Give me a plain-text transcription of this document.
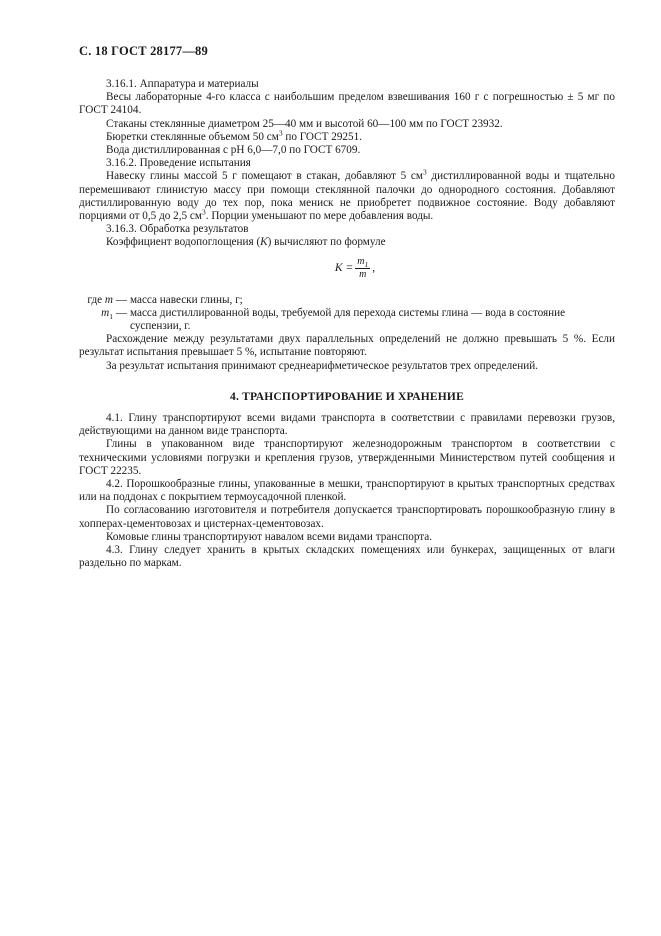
С. 18 ГОСТ 28177—89

3.16.1. Аппаратура и материалы

Весы лабораторные 4-го класса с наибольшим пределом взвешивания 160 г с погрешностью ± 5 мг по ГОСТ 24104.

Стаканы стеклянные диаметром 25—40 мм и высотой 60—100 мм по ГОСТ 23932.

Бюретки стеклянные объемом 50 $см^3$ по ГОСТ 29251.

Вода дистиллированная с pH 6,0—7,0 по ГОСТ 6709.

3.16.2. Проведение испытания

Навеску глины массой 5 г помещают в стакан, добавляют 5 $см^3$ дистиллированной воды и тщательно перемешивают глинистую массу при помощи стеклянной палочки до однородного состояния. Добавляют дистиллированную воду до тех пор, пока мениск не приобретет подвижное состояние. Воду добавляют порциями от 0,5 до 2,5 $см^3$. Порции уменьшают по мере добавления воды.

3.16.3. Обработка результатов

Коэффициент водопоглощения (K) вычисляют по формуле

$K = \frac{m_1}{m}$ ,
где m — масса навески глины, г;
$m_1$ — масса дистиллированной воды, требуемой для перехода системы глина — вода в состояние суспензии, г.

Расхождение между результатами двух параллельных определений не должно превышать 5 %. Если результат испытания превышает 5 %, испытание повторяют.

За результат испытания принимают среднеарифметическое результатов трех определений.

4. ТРАНСПОРТИРОВАНИЕ И ХРАНЕНИЕ

4.1. Глину транспортируют всеми видами транспорта в соответствии с правилами перевозки грузов, действующими на данном виде транспорта.

Глины в упакованном виде транспортируют железнодорожным транспортом в соответствии с техническими условиями погрузки и крепления грузов, утвержденными Министерством путей сообщения и ГОСТ 22235.

4.2. Порошкообразные глины, упакованные в мешки, транспортируют в крытых транспортных средствах или на поддонах с покрытием термоусадочной пленкой.

По согласованию изготовителя и потребителя допускается транспортировать порошкообразную глину в хопперах-цементовозах и цистернах-цементовозах.

Комовые глины транспортируют навалом всеми видами транспорта.

4.3. Глину следует хранить в крытых складских помещениях или бункерах, защищенных от влаги раздельно по маркам.
